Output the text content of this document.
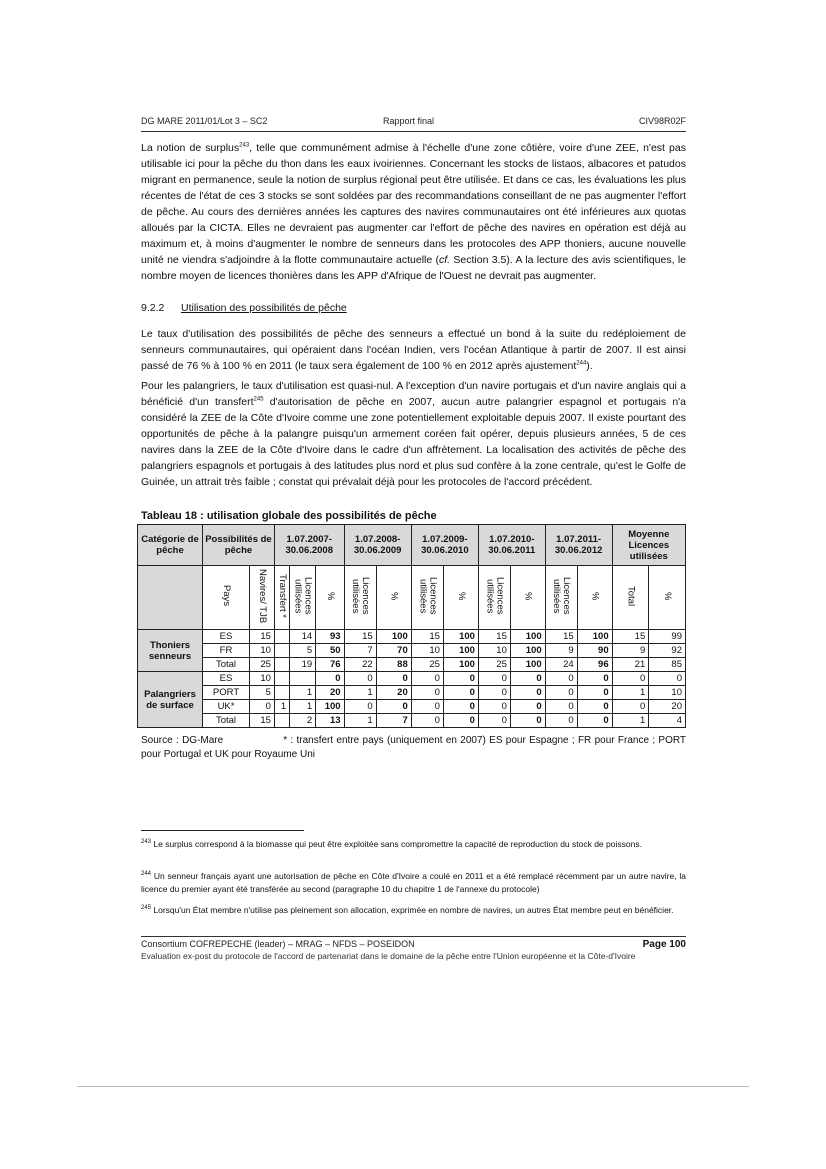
DG MARE 2011/01/Lot 3 – SC2	Rapport final	CIV98R02F

La notion de surplus$^{243}$, telle que communément admise à l'échelle d'une zone côtière, voire d'une ZEE, n'est pas utilisable ici pour la pêche du thon dans les eaux ivoiriennes. Concernant les stocks de listaos, albacores et patudos migrant en permanence, seule la notion de surplus régional peut être utilisée. Et dans ce cas, les évaluations les plus récentes de l'état de ces 3 stocks se sont soldées par des recommandations conseillant de ne pas augmenter l'effort de pêche. Au cours des dernières années les captures des navires communautaires ont été inférieures aux quotas alloués par la CICTA. Elles ne devraient pas augmenter car l'effort de pêche des navires en opération est déjà au maximum et, à moins d'augmenter le nombre de senneurs dans les protocoles des APP thoniers, aucune nouvelle unité ne viendra s'adjoindre à la flotte communautaire actuelle (cf. Section 3.5). A la lecture des avis scientifiques, le nombre moyen de licences thonières dans les APP d'Afrique de l'Ouest ne devrait pas augmenter.

9.2.2 Utilisation des possibilités de pêche

Le taux d'utilisation des possibilités de pêche des senneurs a effectué un bond à la suite du redéploiement de senneurs communautaires, qui opéraient dans l'océan Indien, vers l'océan Atlantique à partir de 2007. Il est ainsi passé de 76 % à 100 % en 2011 (le taux sera également de 100 % en 2012 après ajustement$^{244}$).

Pour les palangriers, le taux d'utilisation est quasi-nul. A l'exception d'un navire portugais et d'un navire anglais qui a bénéficié d'un transfert$^{245}$ d'autorisation de pêche en 2007, aucun autre palangrier espagnol et portugais n'a considéré la ZEE de la Côte d'Ivoire comme une zone potentiellement exploitable depuis 2007. Il existe pourtant des opportunités de pêche à la palangre puisqu'un armement coréen fait opérer, depuis plusieurs années, 5 de ces navires dans la ZEE de la Côte d'Ivoire dans le cadre d'un affrètement. La localisation des activités de pêche des palangriers espagnols et portugais à des latitudes plus nord et plus sud confère à la zone centrale, qu'est le Golfe de Guinée, un attrait très faible ; constat qui prévalait déjà pour les protocoles de l'accord précédent.

Tableau 18 : utilisation globale des possibilités de pêche
Catégorie de pêche	Possibilités de pêche		1.07.2007-30.06.2008			1.07.2008-30.06.2009		1.07.2009-30.06.2010		1.07.2010-30.06.2011		1.07.2011-30.06.2012		Moyenne Licences utilisées	
	Pays	Navires/ TJB	Transfert *	Licences utilisées	%	Licences utilisées	%	Licences utilisées	%	Licences utilisées	%	Licences utilisées	%	Total	%
Thoniers senneurs	ES	15		14	93	15	100	15	100	15	100	15	100	15	99
	FR	10		5	50	7	70	10	100	10	100	9	90	9	92
	Total	25		19	76	22	88	25	100	25	100	24	96	21	85
Palangriers de surface	ES	10			0	0	0	0	0	0	0	0	0	0	0
	PORT	5		1	20	1	20	0	0	0	0	0	0	1	10
	UK*	0	1	1	100	0	0	0	0	0	0	0	0	0	20
	Total	15		2	13	1	7	0	0	0	0	0	0	1	4

Source : DG-Mare	* : transfert entre pays (uniquement en 2007) ES pour Espagne ; FR pour France ; PORT pour Portugal et UK pour Royaume Uni

$^{243}$ Le surplus correspond à la biomasse qui peut être exploitée sans compromettre la capacité de reproduction du stock de poissons.

$^{244}$ Un senneur français ayant une autorisation de pêche en Côte d'Ivoire a coulé en 2011 et a été remplacé récemment par un autre navire, la licence du premier ayant été transférée au second (paragraphe 10 du chapitre 1 de l'annexe du protocole)

$^{245}$ Lorsqu'un État membre n'utilise pas pleinement son allocation, exprimée en nombre de navires, un autres État membre peut en bénéficier.

Consortium COFREPECHE (leader) – MRAG – NFDS – POSEIDON	Page 100
Evaluation ex-post du protocole de l'accord de partenariat dans le domaine de la pêche entre l'Union européenne et la Côte-d'Ivoire
